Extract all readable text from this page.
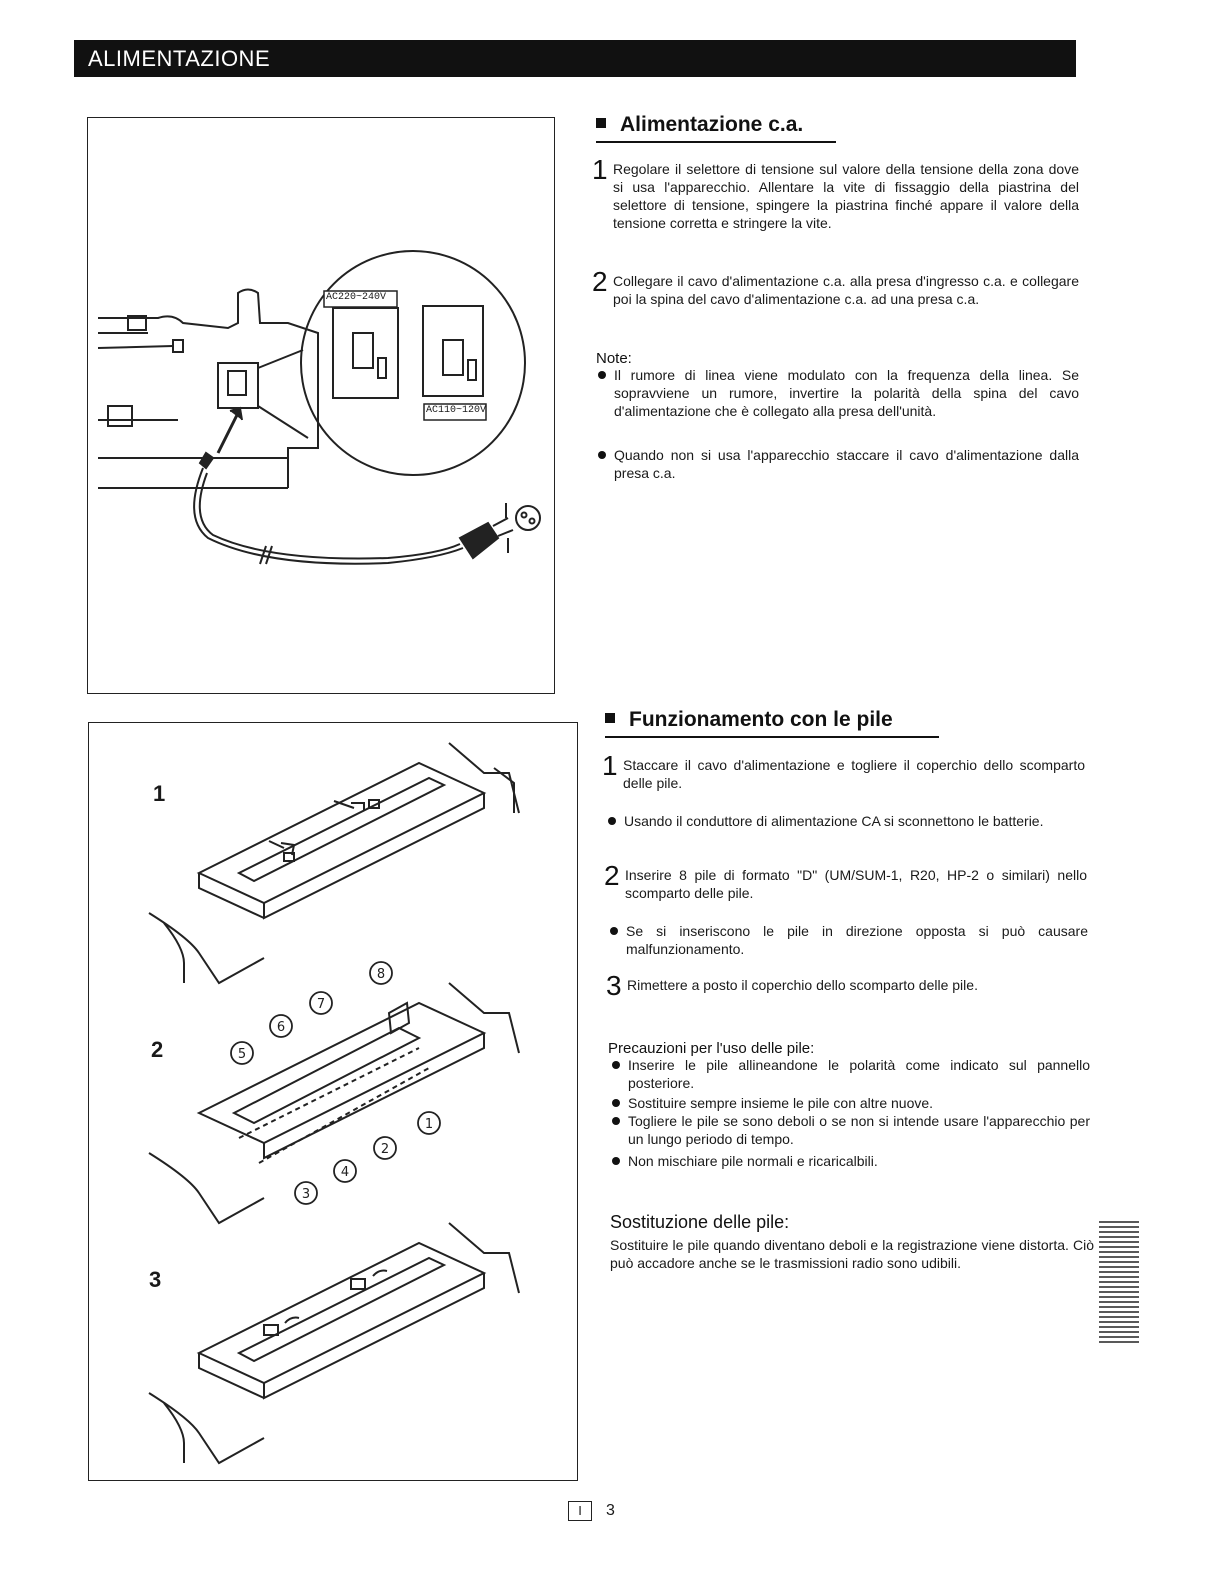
ALIMENTAZIONE
AC220~240V
AC110~120V
5
6
7
8
1
2
4
3
1
2
3
Alimentazione c.a.
1 Regolare il selettore di tensione sul valore della tensione della zona dove si usa l'apparecchio. Allentare la vite di fissaggio della piastrina del selettore di tensione, spingere la piastrina finché appare il valore della tensione corretta e stringere la vite.
2 Collegare il cavo d'alimentazione c.a. alla presa d'ingresso c.a. e collegare poi la spina del cavo d'alimentazione c.a. ad una presa c.a.
Note:
Il rumore di linea viene modulato con la frequenza della linea. Se sopravviene un rumore, invertire la polarità della spina del cavo d'alimentazione che è collegato alla presa dell'unità.
Quando non si usa l'apparecchio staccare il cavo d'alimentazione dalla presa c.a.
Funzionamento con le pile
1 Staccare il cavo d'alimentazione e togliere il coperchio dello scomparto delle pile.
Usando il conduttore di alimentazione CA si sconnettono le batterie.
2 Inserire 8 pile di formato "D" (UM/SUM-1, R20, HP-2 o similari) nello scomparto delle pile.
Se si inseriscono le pile in direzione opposta si può causare malfunzionamento.
3 Rimettere a posto il coperchio dello scomparto delle pile.
Precauzioni per l'uso delle pile:
Inserire le pile allineandone le polarità come indicato sul pannello posteriore.
Sostituire sempre insieme le pile con altre nuove.
Togliere le pile se sono deboli o se non si intende usare l'apparecchio per un lungo periodo di tempo.
Non mischiare pile normali e ricaricalbili.
Sostituzione delle pile:
Sostituire le pile quando diventano deboli e la registrazione viene distorta. Ciò può accadore anche se le trasmissioni radio sono udibili.
I 3
